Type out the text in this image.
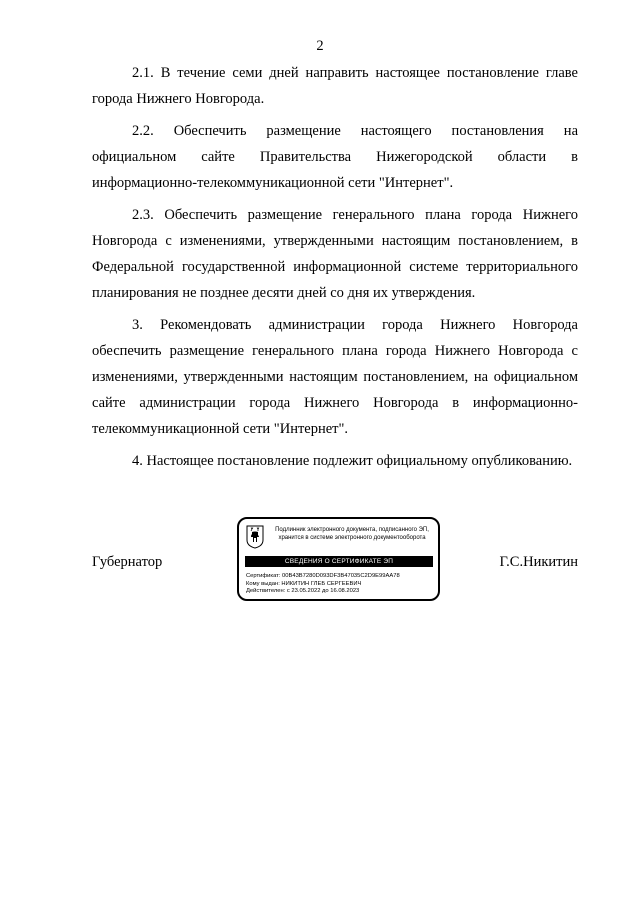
2

2.1. В течение семи дней направить настоящее постановление главе города Нижнего Новгорода.

2.2. Обеспечить размещение настоящего постановления на официальном сайте Правительства Нижегородской области в информационно-телекоммуникационной сети "Интернет".

2.3. Обеспечить размещение генерального плана города Нижнего Новгорода с изменениями, утвержденными настоящим постановлением, в Федеральной государственной информационной системе территориального планирования не позднее десяти дней со дня их утверждения.

3. Рекомендовать администрации города Нижнего Новгорода обеспечить размещение генерального плана города Нижнего Новгорода с изменениями, утвержденными настоящим постановлением, на официальном сайте администрации города Нижнего Новгорода в информационно-телекоммуникационной сети "Интернет".

4. Настоящее постановление подлежит официальному опубликованию.

Губернатор	Г.С.Никитин
Подлинник электронного документа, подписанного ЭП,
хранится в системе электронного документооборота
СВЕДЕНИЯ О СЕРТИФИКАТЕ ЭП
Сертификат: 00B43B7280D093DF3B47035C2D9E99AA78
Кому выдан: НИКИТИН ГЛЕБ СЕРГЕЕВИЧ
Действителен: с 23.05.2022 до 16.08.2023
